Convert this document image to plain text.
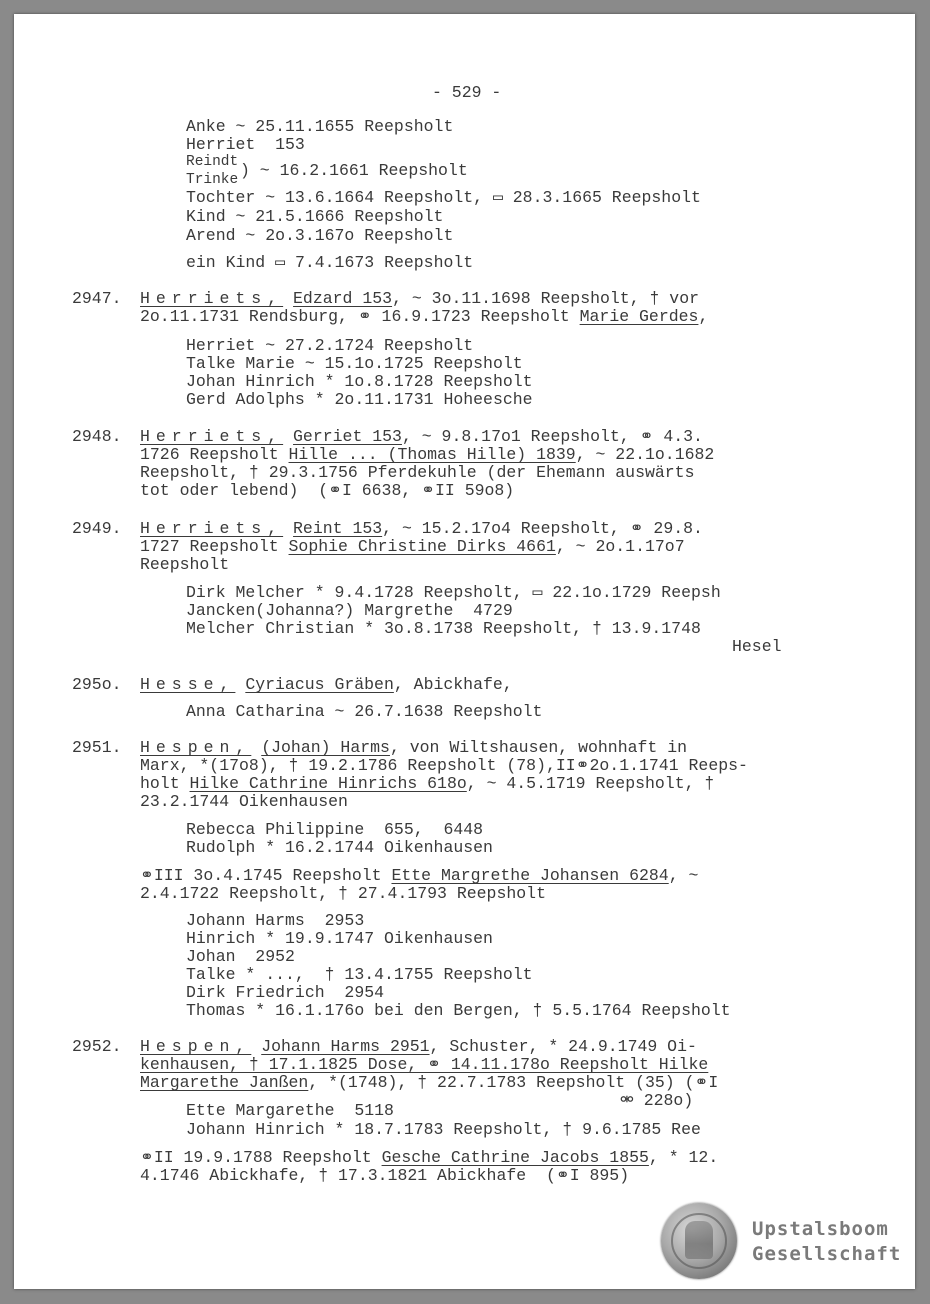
- 529 -
Anke ~ 25.11.1655 Reepsholt
Herriet  153
Reindt ) ~ 16.2.1661 Reepsholt
Trinke
Tochter ~ 13.6.1664 Reepsholt, ▭ 28.3.1665 Reepsholt
Kind ~ 21.5.1666 Reepsholt
Arend ~ 2o.3.167o Reepsholt
ein Kind ▭ 7.4.1673 Reepsholt
2947. Herriets, Edzard 153, ~ 3o.11.1698 Reepsholt, † vor
2o.11.1731 Rendsburg, ⚭ 16.9.1723 Reepsholt Marie Gerdes,
Herriet ~ 27.2.1724 Reepsholt
Talke Marie ~ 15.1o.1725 Reepsholt
Johan Hinrich * 1o.8.1728 Reepsholt
Gerd Adolphs * 2o.11.1731 Hoheesche
2948. Herriets, Gerriet 153, ~ 9.8.17o1 Reepsholt, ⚭ 4.3.
1726 Reepsholt Hille ... (Thomas Hille) 1839, ~ 22.1o.1682
Reepsholt, † 29.3.1756 Pferdekuhle (der Ehemann auswärts
tot oder lebend)  (⚭I 6638, ⚭II 59o8)
2949. Herriets, Reint 153, ~ 15.2.17o4 Reepsholt, ⚭ 29.8.
1727 Reepsholt Sophie Christine Dirks 4661, ~ 2o.1.17o7
Reepsholt
Dirk Melcher * 9.4.1728 Reepsholt, ▭ 22.1o.1729 Reepsh
Jancken(Johanna?) Margrethe  4729
Melcher Christian * 3o.8.1738 Reepsholt, † 13.9.1748
Hesel
295o. Hesse, Cyriacus Gräben, Abickhafe,
Anna Catharina ~ 26.7.1638 Reepsholt
2951. Hespen, (Johan) Harms, von Wiltshausen, wohnhaft in
Marx, *(17o8), † 19.2.1786 Reepsholt (78),II⚭2o.1.1741 Reeps-
holt Hilke Cathrine Hinrichs 618o, ~ 4.5.1719 Reepsholt, †
23.2.1744 Oikenhausen
Rebecca Philippine  655,  6448
Rudolph * 16.2.1744 Oikenhausen
⚭III 3o.4.1745 Reepsholt Ette Margrethe Johansen 6284, ~
2.4.1722 Reepsholt, † 27.4.1793 Reepsholt
Johann Harms  2953
Hinrich * 19.9.1747 Oikenhausen
Johan  2952
Talke * ...,  † 13.4.1755 Reepsholt
Dirk Friedrich  2954
Thomas * 16.1.176o bei den Bergen, † 5.5.1764 Reepsholt
2952. Hespen, Johann Harms 2951, Schuster, * 24.9.1749 Oi-
kenhausen, † 17.1.1825 Dose, ⚭ 14.11.178o Reepsholt Hilke
Margarethe Janßen, *(1748), † 22.7.1783 Reepsholt (35) (⚭I
⚮ 228o)
Ette Margarethe  5118
Johann Hinrich * 18.7.1783 Reepsholt, † 9.6.1785 Ree
⚭II 19.9.1788 Reepsholt Gesche Cathrine Jacobs 1855, * 12.
4.1746 Abickhafe, † 17.3.1821 Abickhafe  (⚭I 895)
Upstalsboom
Gesellschaft
